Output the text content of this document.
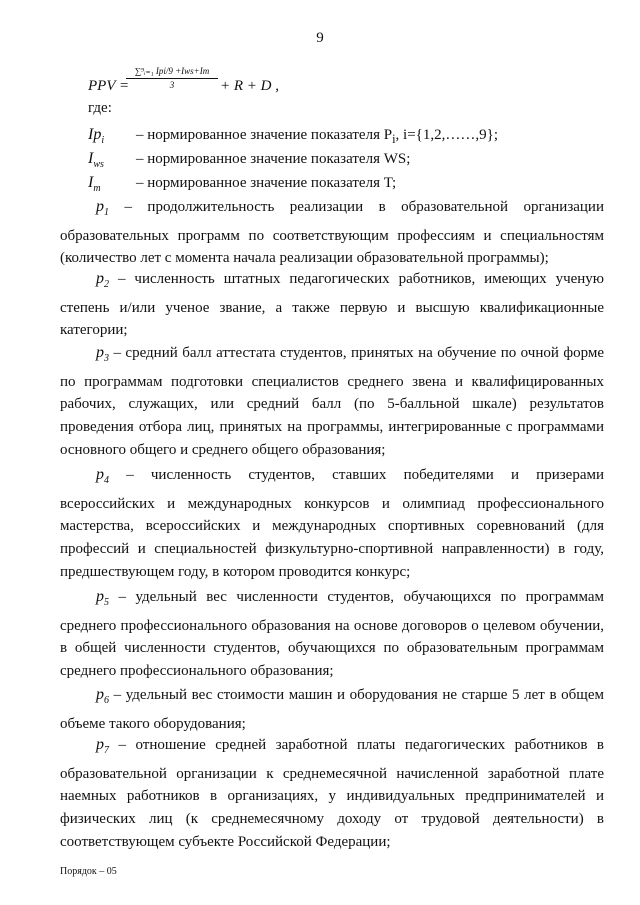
9
PPV =
∑⁹ᵢ₌₁ Ipi/9 +Iws+Iт
3	+ R + D ,
где:
$Ip_i$ – нормированное значение показателя $P_i$, i={1,2,……,9};
$I_{ws}$ – нормированное значение показателя WS;
$I_т$ – нормированное значение показателя T;
$p_1$ – продолжительность реализации в образовательной организации образовательных программ по соответствующим профессиям и специальностям (количество лет с момента начала реализации образовательной программы);
$p_2$ – численность штатных педагогических работников, имеющих ученую степень и/или ученое звание, а также первую и высшую квалификационные категории;
$p_3$ – средний балл аттестата студентов, принятых на обучение по очной форме по программам подготовки специалистов среднего звена и квалифицированных рабочих, служащих, или средний балл (по 5-балльной шкале) результатов проведения отбора лиц, принятых на программы, интегрированные с программами основного общего и среднего общего образования;
$p_4$ – численность студентов, ставших победителями и призерами всероссийских и международных конкурсов и олимпиад профессионального мастерства, всероссийских и международных спортивных соревнований (для профессий и специальностей физкультурно-спортивной направленности) в году, предшествующем году, в котором проводится конкурс;
$p_5$ – удельный вес численности студентов, обучающихся по программам среднего профессионального образования на основе договоров о целевом обучении, в общей численности студентов, обучающихся по образовательным программам среднего профессионального образования;
$p_6$ – удельный вес стоимости машин и оборудования не старше 5 лет в общем объеме такого оборудования;
$p_7$ – отношение средней заработной платы педагогических работников в образовательной организации к среднемесячной начисленной заработной плате наемных работников в организациях, у индивидуальных предпринимателей и физических лиц (к среднемесячному доходу от трудовой деятельности) в соответствующем субъекте Российской Федерации;
Порядок – 05
